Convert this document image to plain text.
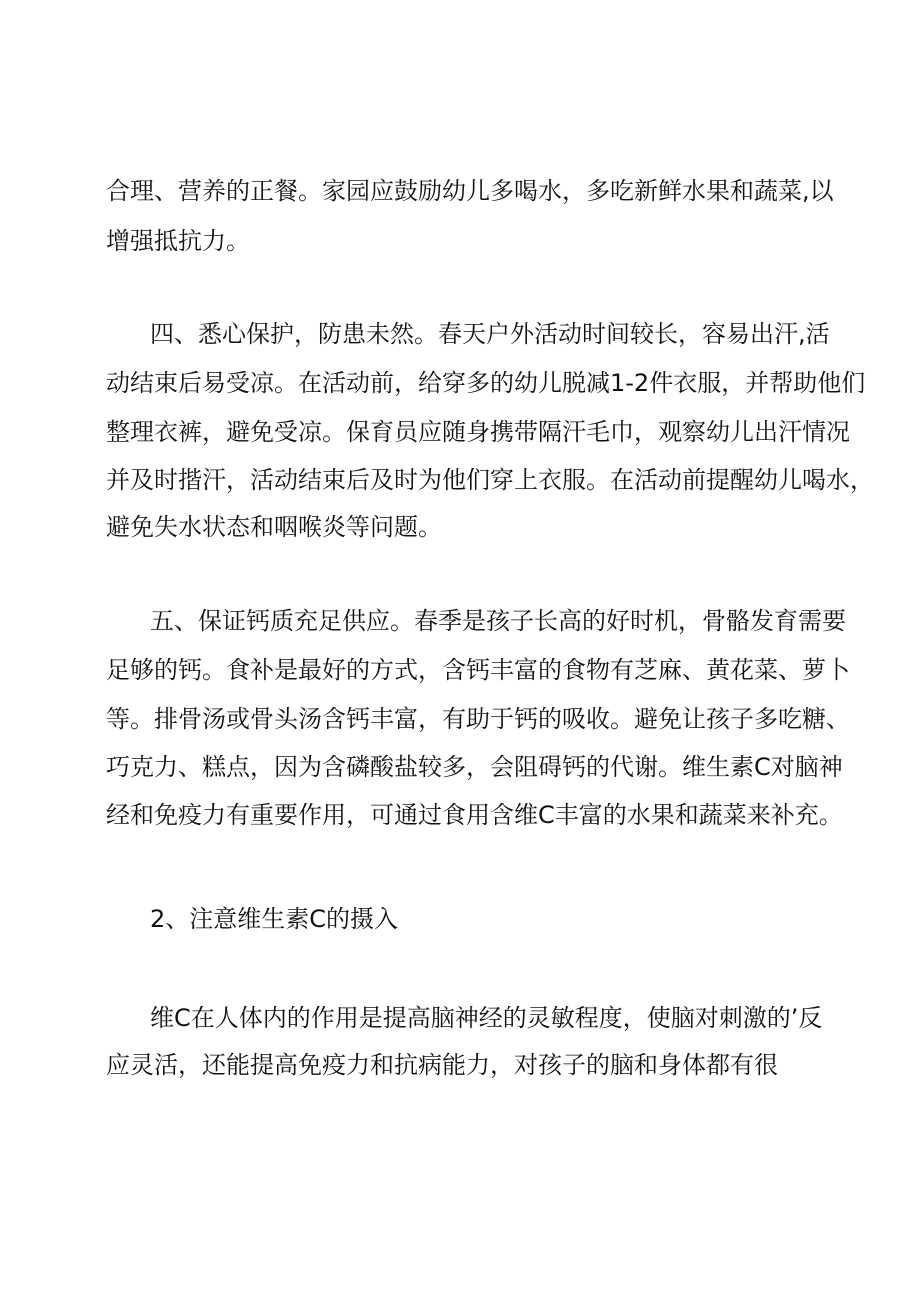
合理、营养的正餐。家园应鼓励幼儿多喝水，多吃新鲜水果和蔬菜,以

增强抵抗力。

四、悉心保护，防患未然。春天户外活动时间较长，容易出汗,活

动结束后易受凉。在活动前，给穿多的幼儿脱减1-2件衣服，并帮助他们

整理衣裤，避免受凉。保育员应随身携带隔汗毛巾，观察幼儿出汗情况

并及时揩汗，活动结束后及时为他们穿上衣服。在活动前提醒幼儿喝水，

避免失水状态和咽喉炎等问题。

五、保证钙质充足供应。春季是孩子长高的好时机，骨骼发育需要

足够的钙。食补是最好的方式，含钙丰富的食物有芝麻、黄花菜、萝卜

等。排骨汤或骨头汤含钙丰富，有助于钙的吸收。避免让孩子多吃糖、

巧克力、糕点，因为含磷酸盐较多，会阻碍钙的代谢。维生素C对脑神

经和免疫力有重要作用，可通过食用含维C丰富的水果和蔬菜来补充。

2、注意维生素C的摄入

维C在人体内的作用是提高脑神经的灵敏程度，使脑对刺激的’反

应灵活，还能提高免疫力和抗病能力，对孩子的脑和身体都有很
